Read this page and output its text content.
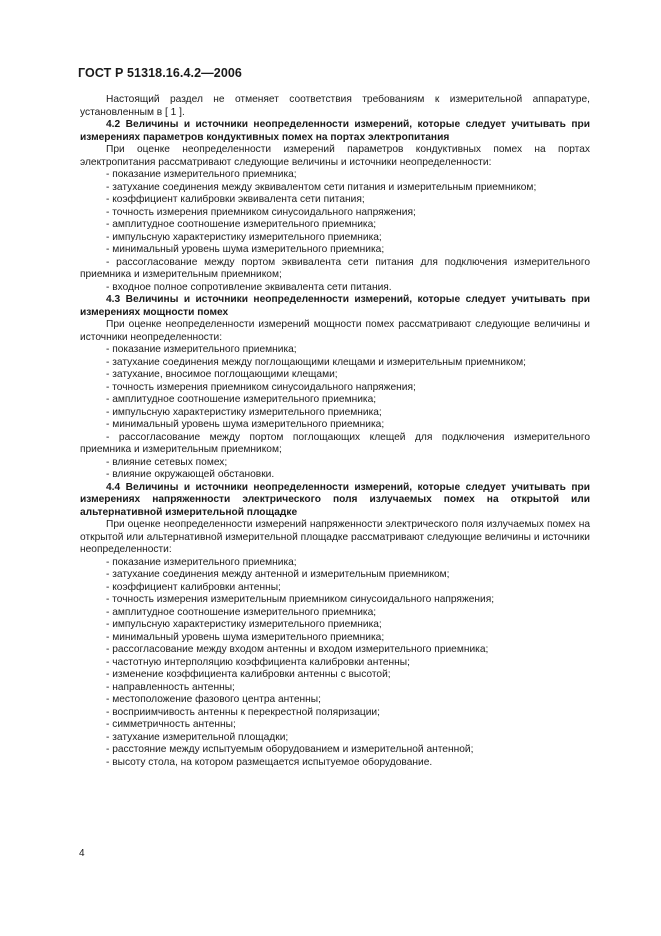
ГОСТ Р 51318.16.4.2—2006

Настоящий раздел не отменяет соответствия требованиям к измерительной аппаратуре, установленным в [ 1 ].

4.2 Величины и источники неопределенности измерений, которые следует учитывать при измерениях параметров кондуктивных помех на портах электропитания

При оценке неопределенности измерений параметров кондуктивных помех на портах электропитания рассматривают следующие величины и источники неопределенности:

- показание измерительного приемника;

- затухание соединения между эквивалентом сети питания и измерительным приемником;

- коэффициент калибровки эквивалента сети питания;

- точность измерения приемником синусоидального напряжения;

- амплитудное соотношение измерительного приемника;

- импульсную характеристику измерительного приемника;

- минимальный уровень шума измерительного приемника;

- рассогласование между портом эквивалента сети питания для подключения измерительного приемника и измерительным приемником;

- входное полное сопротивление эквивалента сети питания.

4.3 Величины и источники неопределенности измерений, которые следует учитывать при измерениях мощности помех

При оценке неопределенности измерений мощности помех рассматривают следующие величины и источники неопределенности:

- показание измерительного приемника;

- затухание соединения между поглощающими клещами и измерительным приемником;

- затухание, вносимое поглощающими клещами;

- точность измерения приемником синусоидального напряжения;

- амплитудное соотношение измерительного приемника;

- импульсную характеристику измерительного приемника;

- минимальный уровень шума измерительного приемника;

- рассогласование между портом поглощающих клещей для подключения измерительного приемника и измерительным приемником;

- влияние сетевых помех;

- влияние окружающей обстановки.

4.4 Величины и источники неопределенности измерений, которые следует учитывать при измерениях напряженности электрического поля излучаемых помех на открытой или альтернативной измерительной площадке

При оценке неопределенности измерений напряженности электрического поля излучаемых помех на открытой или альтернативной измерительной площадке рассматривают следующие величины и источники неопределенности:

- показание измерительного приемника;

- затухание соединения между антенной и измерительным приемником;

- коэффициент калибровки антенны;

- точность измерения измерительным приемником синусоидального напряжения;

- амплитудное соотношение измерительного приемника;

- импульсную характеристику измерительного приемника;

- минимальный уровень шума измерительного приемника;

- рассогласование между входом антенны и входом измерительного приемника;

- частотную интерполяцию коэффициента калибровки антенны;

- изменение коэффициента калибровки антенны с высотой;

- направленность антенны;

- местоположение фазового центра антенны;

- восприимчивость антенны к перекрестной поляризации;

- симметричность антенны;

- затухание измерительной площадки;

- расстояние между испытуемым оборудованием и измерительной антенной;

- высоту стола, на котором размещается испытуемое оборудование.

4
